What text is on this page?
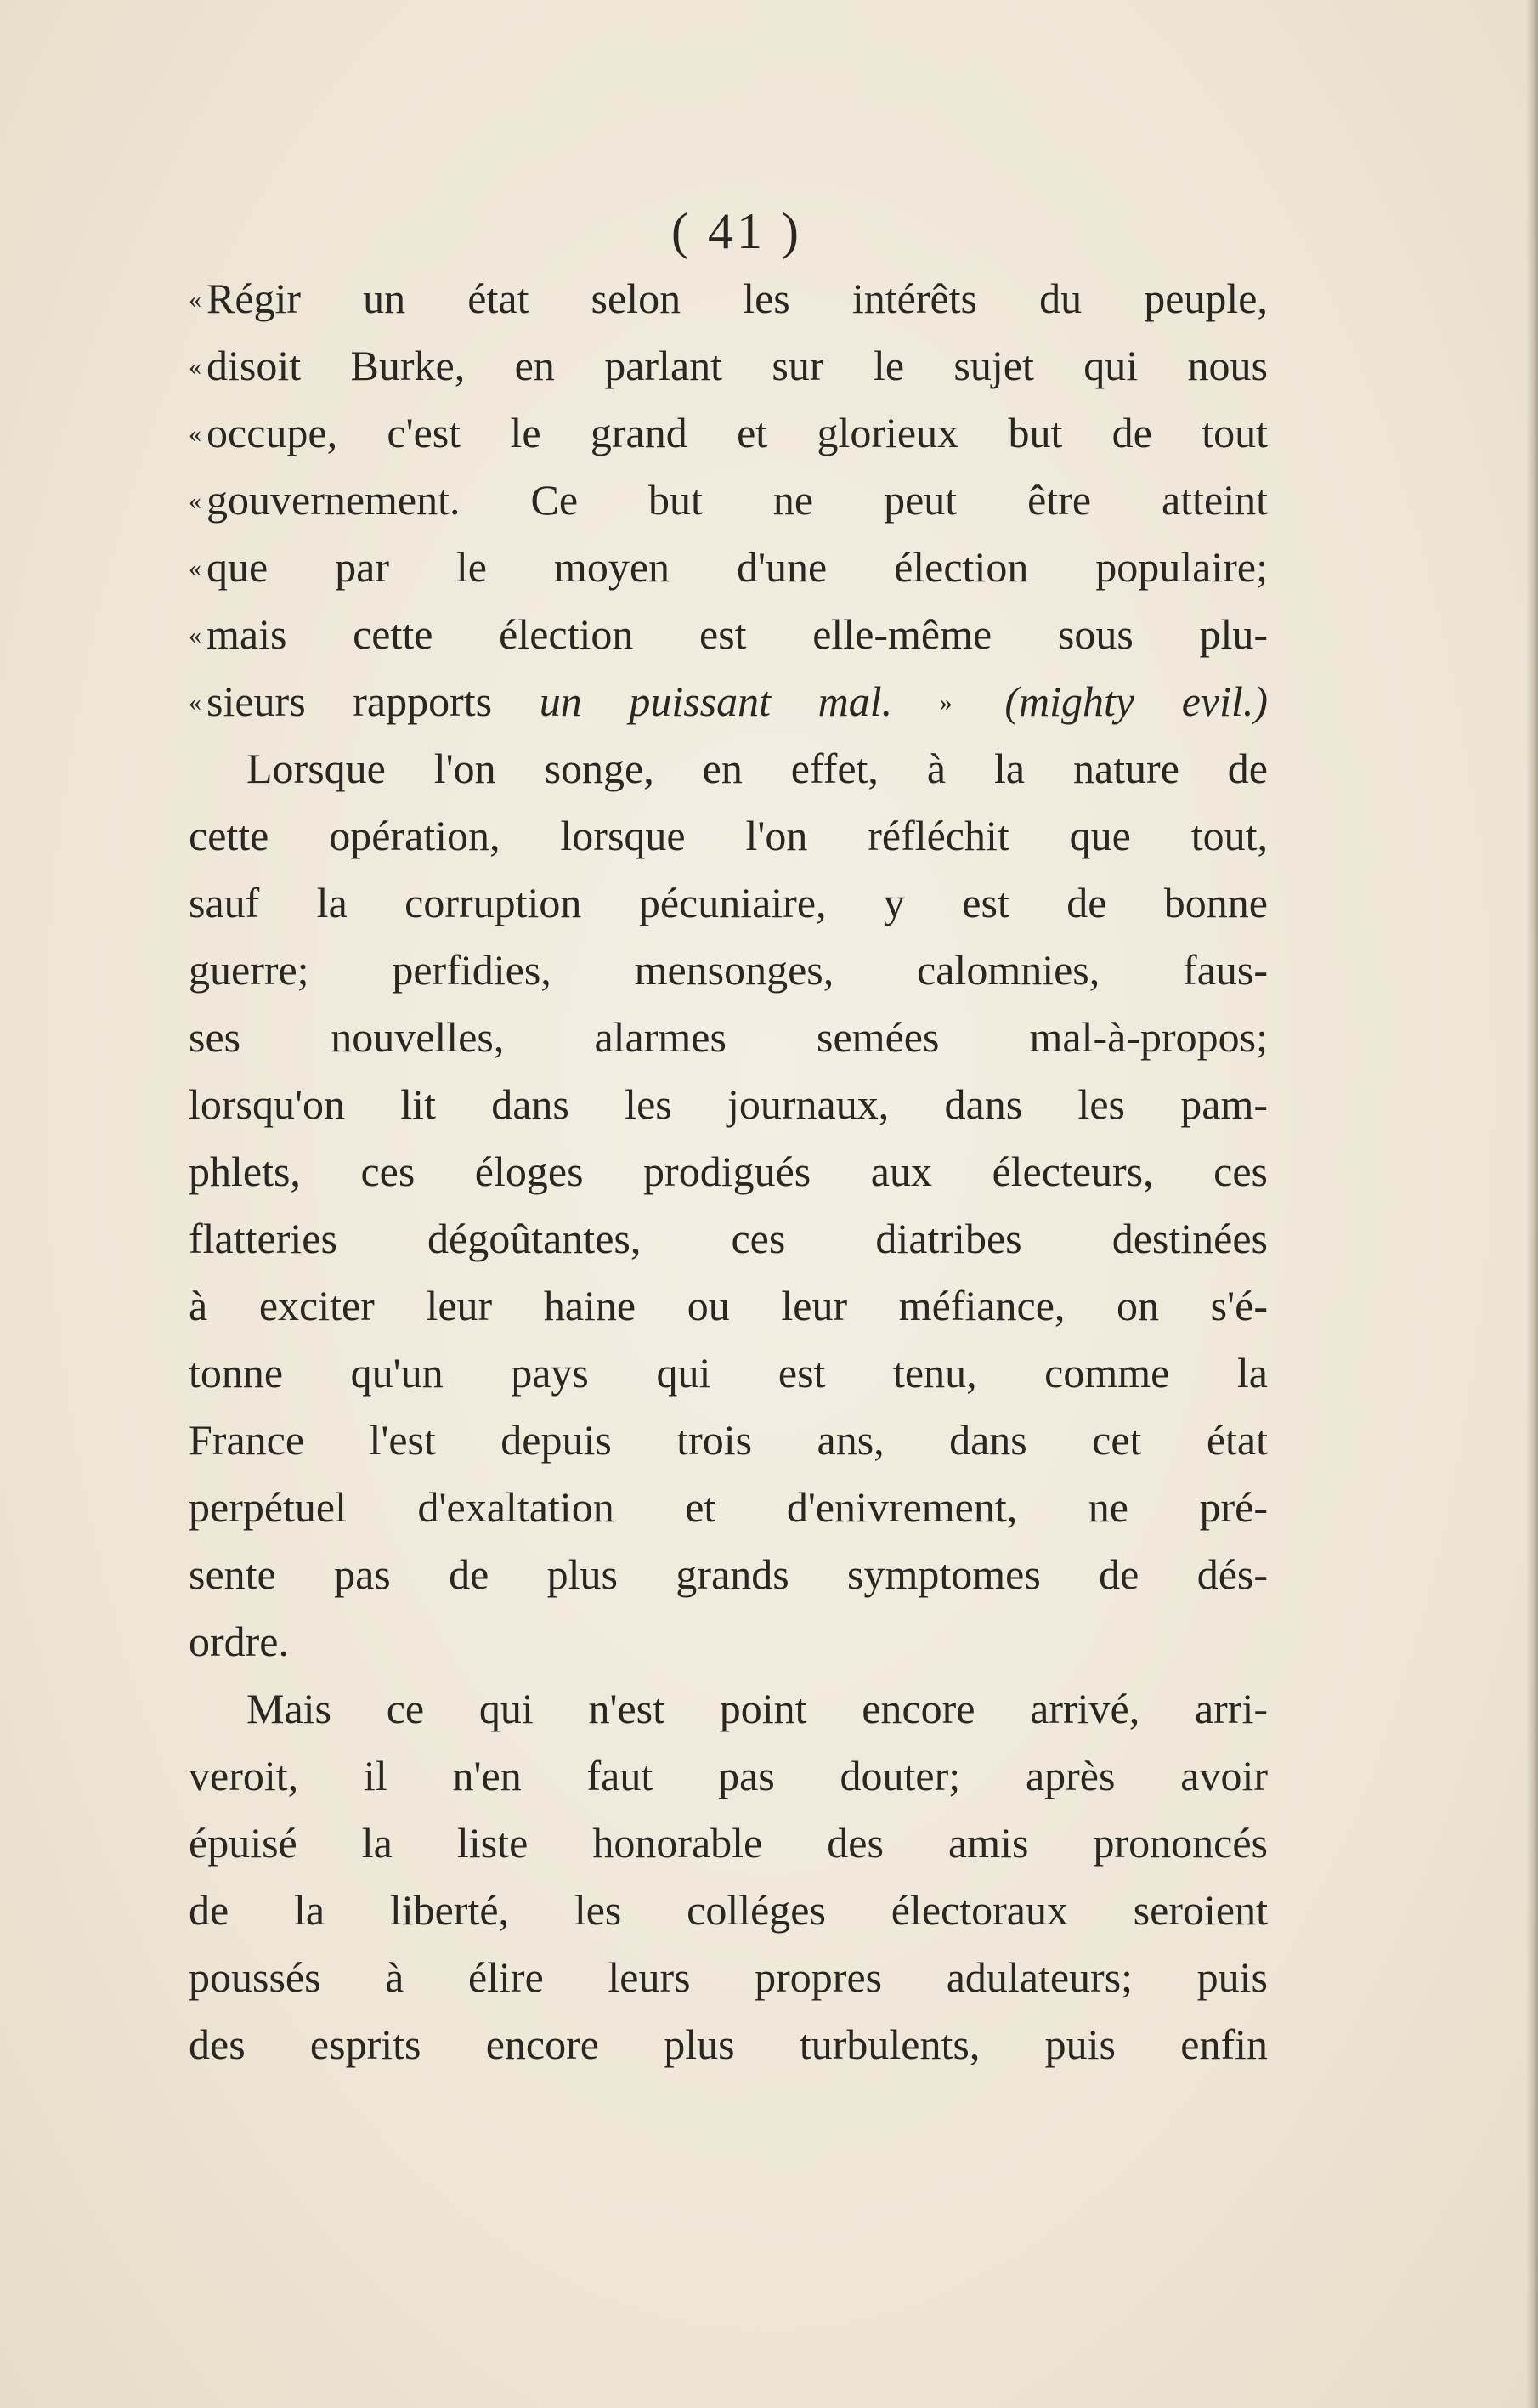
( 41 )
« Régir un état selon les intérêts du peuple,
« disoit Burke, en parlant sur le sujet qui nous
« occupe, c'est le grand et glorieux but de tout
« gouvernement. Ce but ne peut être atteint
« que par le moyen d'une élection populaire;
« mais cette élection est elle-même sous plu-
« sieurs rapports un puissant mal. » (mighty evil.)
Lorsque l'on songe, en effet, à la nature de
cette opération, lorsque l'on réfléchit que tout,
sauf la corruption pécuniaire, y est de bonne
guerre; perfidies, mensonges, calomnies, faus-
ses nouvelles, alarmes semées mal-à-propos;
lorsqu'on lit dans les journaux, dans les pam-
phlets, ces éloges prodigués aux électeurs, ces
flatteries dégoûtantes, ces diatribes destinées
à exciter leur haine ou leur méfiance, on s'é-
tonne qu'un pays qui est tenu, comme la
France l'est depuis trois ans, dans cet état
perpétuel d'exaltation et d'enivrement, ne pré-
sente pas de plus grands symptomes de dés-
ordre.
Mais ce qui n'est point encore arrivé, arri-
veroit, il n'en faut pas douter; après avoir
épuisé la liste honorable des amis prononcés
de la liberté, les colléges électoraux seroient
poussés à élire leurs propres adulateurs; puis
des esprits encore plus turbulents, puis enfin
